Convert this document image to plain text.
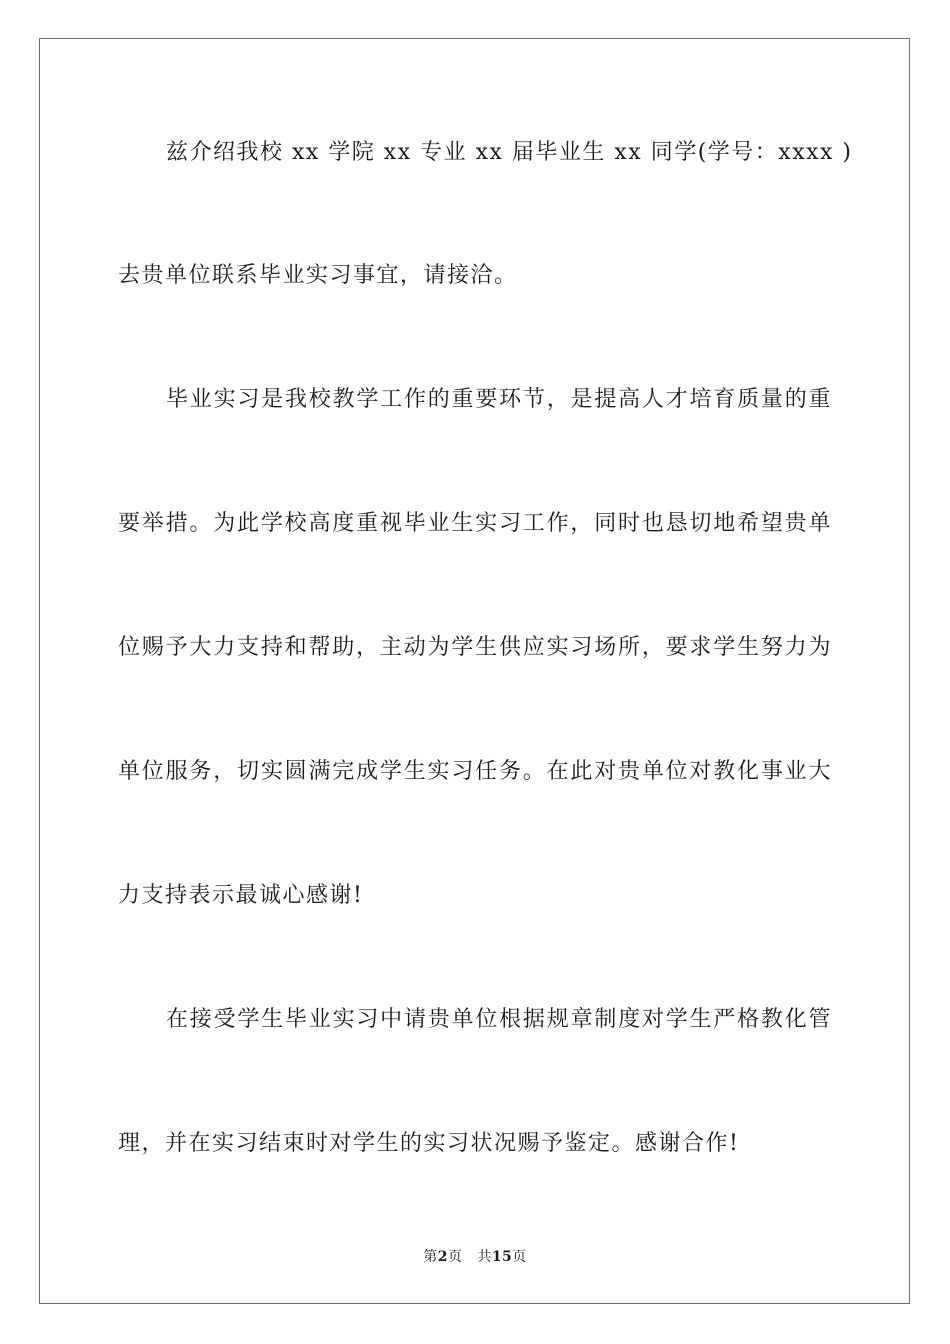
兹介绍我校 xx 学院 xx 专业 xx 届毕业生 xx 同学(学号：xxxx )
去贵单位联系毕业实习事宜，请接洽。
毕业实习是我校教学工作的重要环节，是提高人才培育质量的重
要举措。为此学校高度重视毕业生实习工作，同时也恳切地希望贵单
位赐予大力支持和帮助，主动为学生供应实习场所，要求学生努力为
单位服务，切实圆满完成学生实习任务。在此对贵单位对教化事业大
力支持表示最诚心感谢!
在接受学生毕业实习中请贵单位根据规章制度对学生严格教化管
理，并在实习结束时对学生的实习状况赐予鉴定。感谢合作!
第2页 共15页
